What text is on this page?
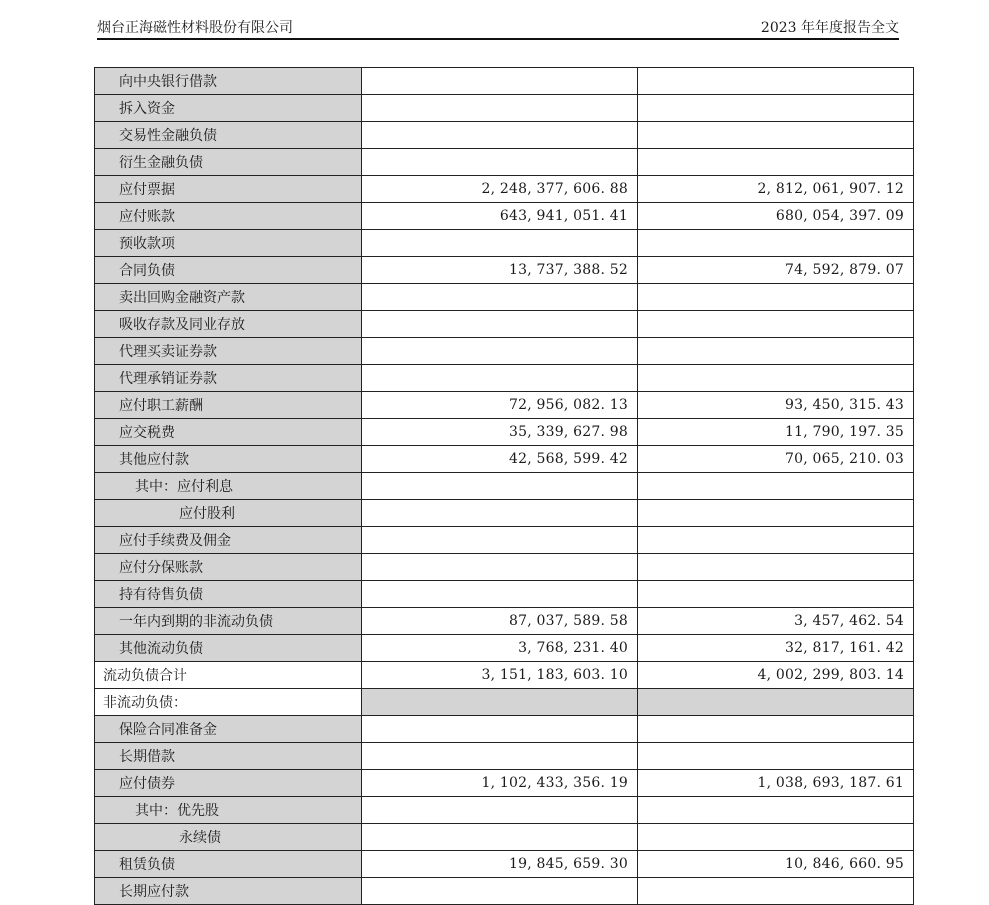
烟台正海磁性材料股份有限公司	2023 年年度报告全文
向中央银行借款		
拆入资金		
交易性金融负债		
衍生金融负债		
应付票据	2, 248, 377, 606. 88	2, 812, 061, 907. 12
应付账款	643, 941, 051. 41	680, 054, 397. 09
预收款项		
合同负债	13, 737, 388. 52	74, 592, 879. 07
卖出回购金融资产款		
吸收存款及同业存放		
代理买卖证券款		
代理承销证券款		
应付职工薪酬	72, 956, 082. 13	93, 450, 315. 43
应交税费	35, 339, 627. 98	11, 790, 197. 35
其他应付款	42, 568, 599. 42	70, 065, 210. 03
其中：应付利息		
应付股利		
应付手续费及佣金		
应付分保账款		
持有待售负债		
一年内到期的非流动负债	87, 037, 589. 58	3, 457, 462. 54
其他流动负债	3, 768, 231. 40	32, 817, 161. 42
流动负债合计	3, 151, 183, 603. 10	4, 002, 299, 803. 14
非流动负债：		
保险合同准备金		
长期借款		
应付债券	1, 102, 433, 356. 19	1, 038, 693, 187. 61
其中：优先股		
永续债		
租赁负债	19, 845, 659. 30	10, 846, 660. 95
长期应付款		
